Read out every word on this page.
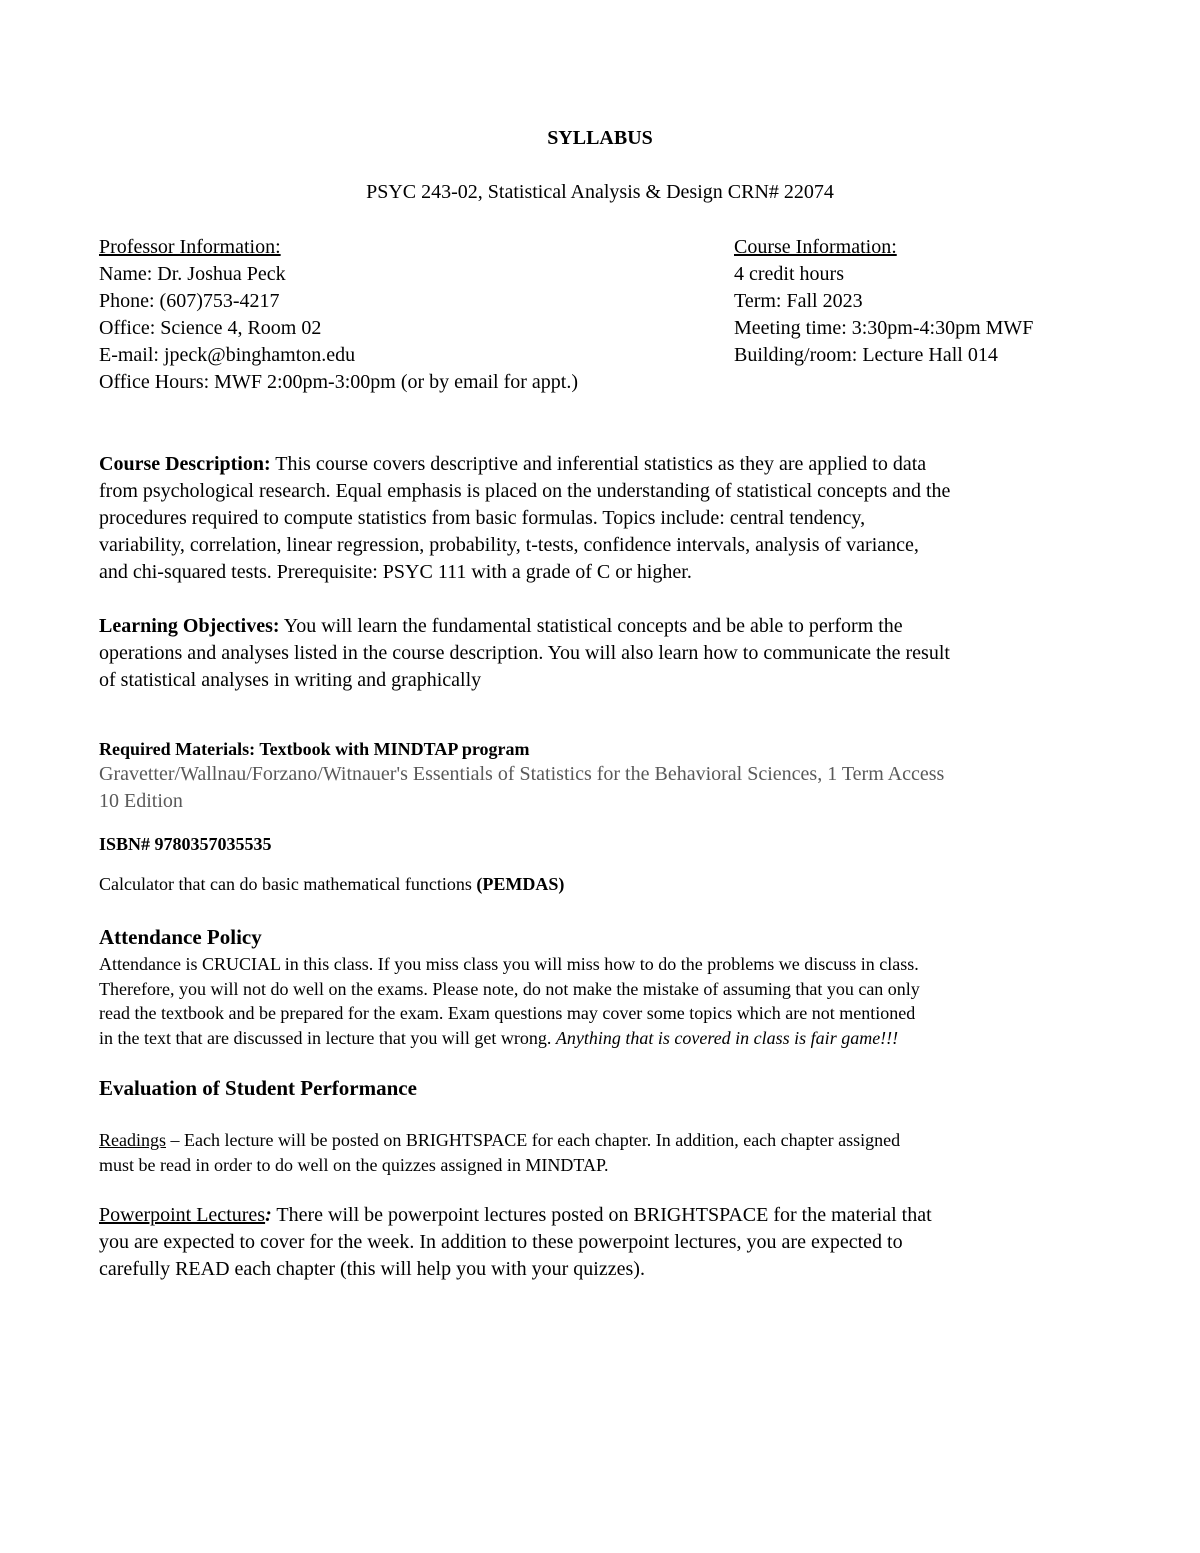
SYLLABUS
PSYC 243-02, Statistical Analysis & Design CRN# 22074
Professor Information:
Name: Dr. Joshua Peck
Phone: (607)753-4217
Office: Science 4, Room 02
E-mail: jpeck@binghamton.edu
Office Hours: MWF 2:00pm-3:00pm (or by email for appt.)
Course Information:
4 credit hours
Term: Fall 2023
Meeting time: 3:30pm-4:30pm MWF
Building/room: Lecture Hall 014
Course Description: This course covers descriptive and inferential statistics as they are applied to data
from psychological research. Equal emphasis is placed on the understanding of statistical concepts and the
procedures required to compute statistics from basic formulas. Topics include: central tendency,
variability, correlation, linear regression, probability, t-tests, confidence intervals, analysis of variance,
and chi-squared tests. Prerequisite: PSYC 111 with a grade of C or higher.
Learning Objectives: You will learn the fundamental statistical concepts and be able to perform the
operations and analyses listed in the course description. You will also learn how to communicate the result
of statistical analyses in writing and graphically
Required Materials: Textbook with MINDTAP program
Gravetter/Wallnau/Forzano/Witnauer's Essentials of Statistics for the Behavioral Sciences, 1 Term Access
10 Edition
ISBN# 9780357035535
Calculator that can do basic mathematical functions (PEMDAS)
Attendance Policy
Attendance is CRUCIAL in this class. If you miss class you will miss how to do the problems we discuss in class.
Therefore, you will not do well on the exams. Please note, do not make the mistake of assuming that you can only
read the textbook and be prepared for the exam. Exam questions may cover some topics which are not mentioned
in the text that are discussed in lecture that you will get wrong. Anything that is covered in class is fair game!!!
Evaluation of Student Performance
Readings – Each lecture will be posted on BRIGHTSPACE for each chapter. In addition, each chapter assigned
must be read in order to do well on the quizzes assigned in MINDTAP.
Powerpoint Lectures: There will be powerpoint lectures posted on BRIGHTSPACE for the material that
you are expected to cover for the week. In addition to these powerpoint lectures, you are expected to
carefully READ each chapter (this will help you with your quizzes).
